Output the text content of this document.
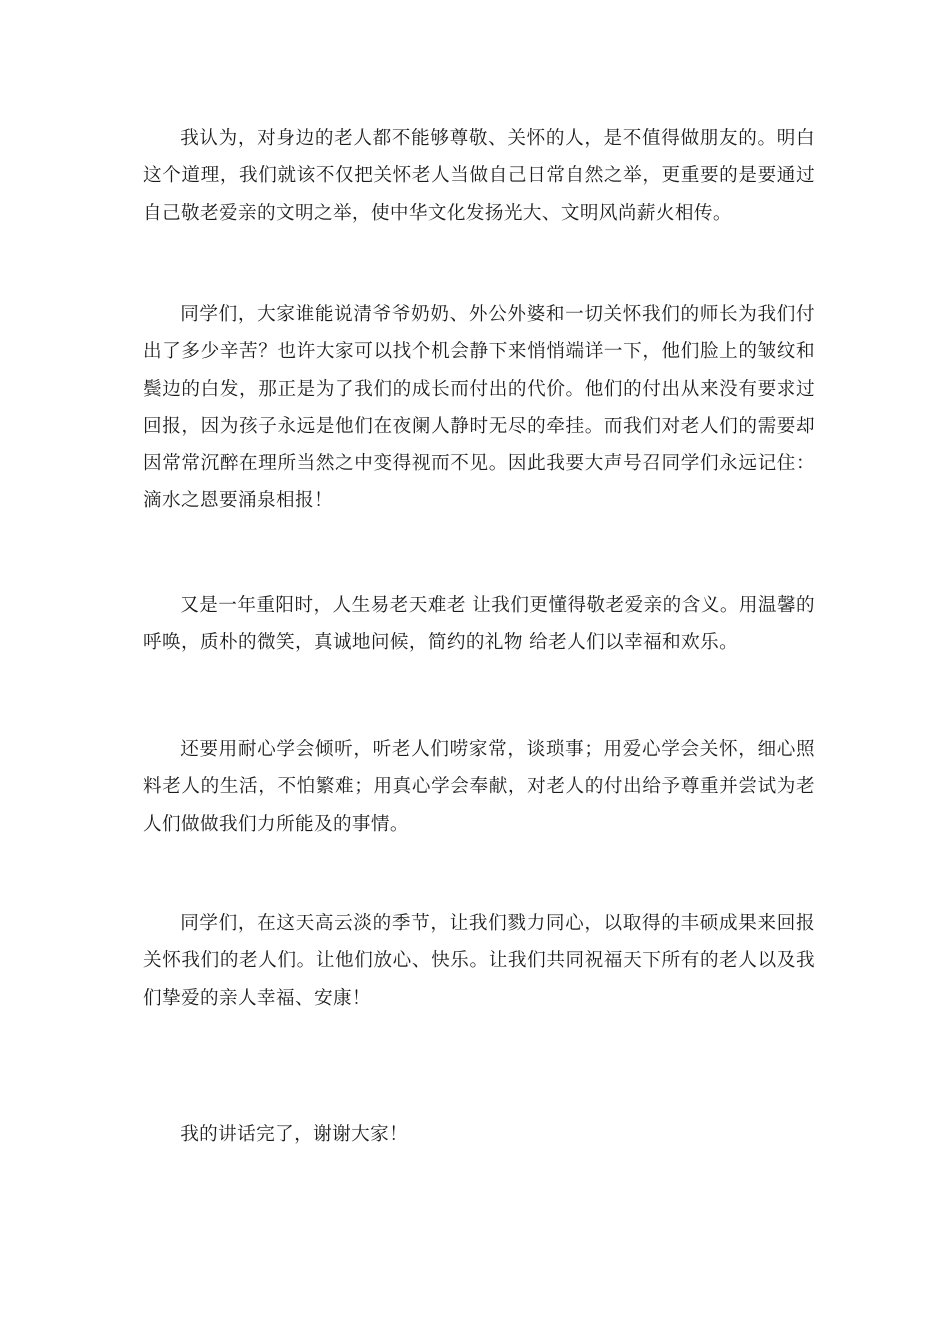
我认为，对身边的老人都不能够尊敬、关怀的人，是不值得做朋友的。明白这个道理，我们就该不仅把关怀老人当做自己日常自然之举，更重要的是要通过自己敬老爱亲的文明之举，使中华文化发扬光大、文明风尚薪火相传。

同学们，大家谁能说清爷爷奶奶、外公外婆和一切关怀我们的师长为我们付出了多少辛苦？也许大家可以找个机会静下来悄悄端详一下，他们脸上的皱纹和鬓边的白发，那正是为了我们的成长而付出的代价。他们的付出从来没有要求过回报，因为孩子永远是他们在夜阑人静时无尽的牵挂。而我们对老人们的需要却因常常沉醉在理所当然之中变得视而不见。因此我要大声号召同学们永远记住：滴水之恩要涌泉相报！

又是一年重阳时，人生易老天难老 让我们更懂得敬老爱亲的含义。用温馨的呼唤，质朴的微笑，真诚地问候，简约的礼物 给老人们以幸福和欢乐。

还要用耐心学会倾听，听老人们唠家常，谈琐事；用爱心学会关怀，细心照料老人的生活，不怕繁难；用真心学会奉献，对老人的付出给予尊重并尝试为老人们做做我们力所能及的事情。

同学们，在这天高云淡的季节，让我们戮力同心，以取得的丰硕成果来回报关怀我们的老人们。让他们放心、快乐。让我们共同祝福天下所有的老人以及我们挚爱的亲人幸福、安康！

我的讲话完了，谢谢大家！
